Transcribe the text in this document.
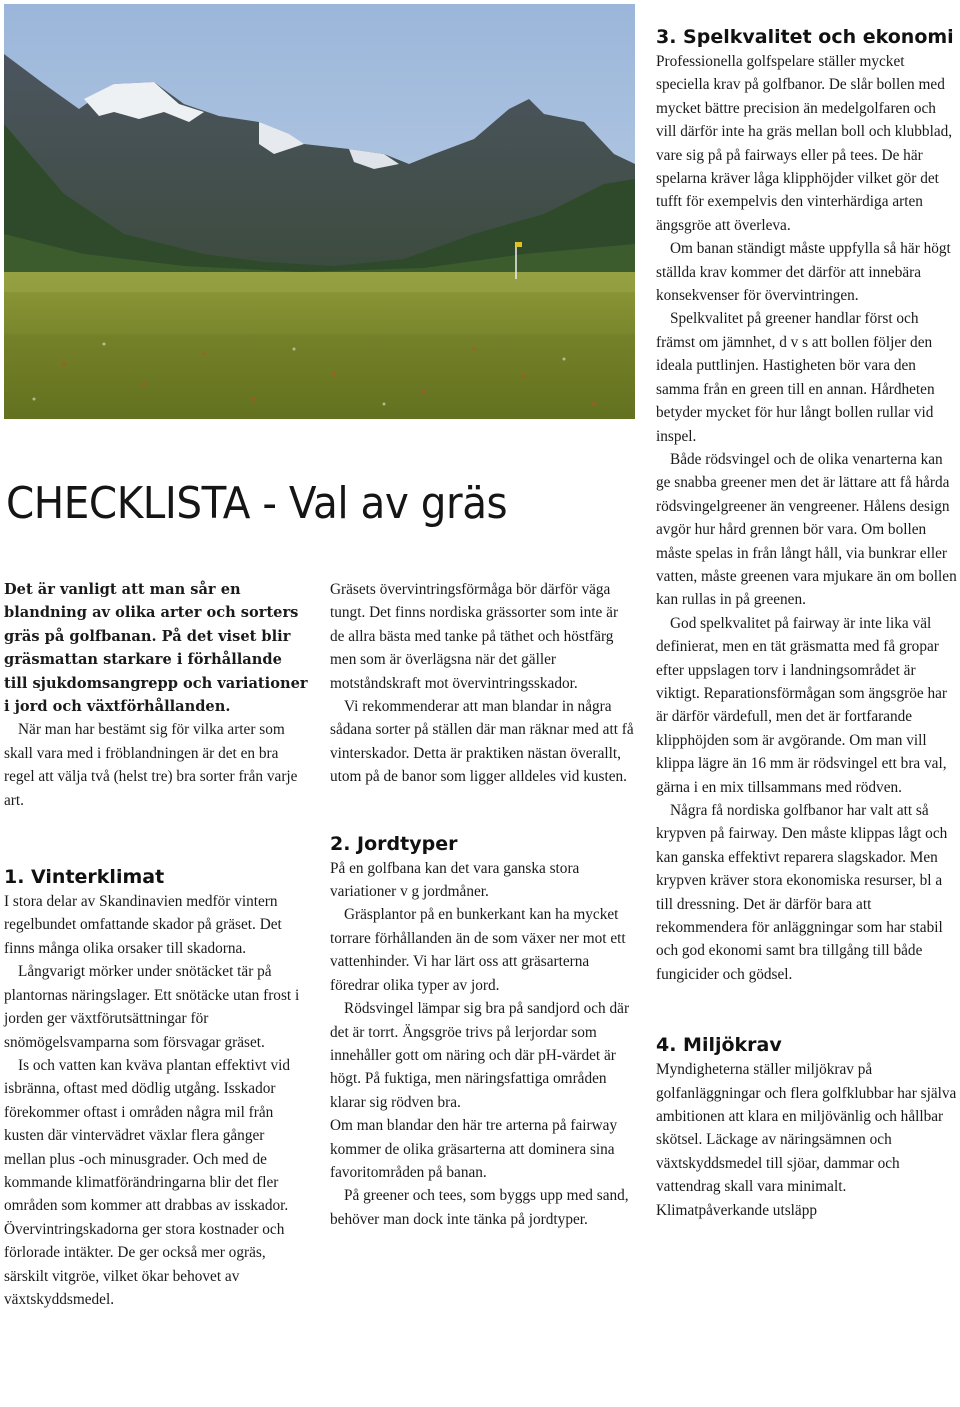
CHECKLISTA - Val av gräs

Det är vanligt att man sår en blandning av olika arter och sorters gräs på golfbanan. På det viset blir gräsmattan starkare i förhållande till sjukdomsangrepp och variationer i jord och växtförhållanden.

När man har bestämt sig för vilka arter som skall vara med i fröblandningen är det en bra regel att välja två (helst tre) bra sorter från varje art.

1. Vinterklimat

I stora delar av Skandinavien medför vintern regelbundet omfattande skador på gräset. Det finns många olika orsaker till skadorna.

Långvarigt mörker under snötäcket tär på plantornas näringslager. Ett snötäcke utan frost i jorden ger växtförutsättningar för snömögelsvamparna som försvagar gräset.

Is och vatten kan kväva plantan effektivt vid isbränna, oftast med dödlig utgång. Isskador förekommer oftast i områden några mil från kusten där vintervädret växlar flera gånger mellan plus -och minusgrader. Och med de kommande klimatförändringarna blir det fler områden som kommer att drabbas av isskador.

Övervintringskadorna ger stora kostnader och förlorade intäkter. De ger också mer ogräs, särskilt vitgröe, vilket ökar behovet av växtskyddsmedel.

Gräsets övervintringsförmåga bör därför väga tungt. Det finns nordiska grässorter som inte är de allra bästa med tanke på täthet och höstfärg men som är överlägsna när det gäller motståndskraft mot övervintringsskador.

Vi rekommenderar att man blandar in några sådana sorter på ställen där man räknar med att få vinterskador. Detta är praktiken nästan överallt, utom på de banor som ligger alldeles vid kusten.

2. Jordtyper

På en golfbana kan det vara ganska stora variationer v g jordmåner.

Gräsplantor på en bunkerkant kan ha mycket torrare förhållanden än de som växer ner mot ett vattenhinder. Vi har lärt oss att gräsarterna föredrar olika typer av jord.

Rödsvingel lämpar sig bra på sandjord och där det är torrt. Ängsgröe trivs på lerjordar som innehåller gott om näring och där pH-värdet är högt. På fuktiga, men näringsfattiga områden klarar sig rödven bra.

Om man blandar den här tre arterna på fairway kommer de olika gräsarterna att dominera sina favoritområden på banan.

På greener och tees, som byggs upp med sand, behöver man dock inte tänka på jordtyper.

3. Spelkvalitet och ekonomi

Professionella golfspelare ställer mycket speciella krav på golfbanor. De slår bollen med mycket bättre precision än medelgolfaren och vill därför inte ha gräs mellan boll och klubblad, vare sig på på fairways eller på tees. De här spelarna kräver låga klipphöjder vilket gör det tufft för exempelvis den vinterhärdiga arten ängsgröe att överleva.

Om banan ständigt måste uppfylla så här högt ställda krav kommer det därför att innebära konsekvenser för övervintringen.

Spelkvalitet på greener handlar först och främst om jämnhet, d v s att bollen följer den ideala puttlinjen. Hastigheten bör vara den samma från en green till en annan. Hårdheten betyder mycket för hur långt bollen rullar vid inspel.

Både rödsvingel och de olika venarterna kan ge snabba greener men det är lättare att få hårda rödsvingelgreener än vengreener. Hålens design avgör hur hård grennen bör vara. Om bollen måste spelas in från långt håll, via bunkrar eller vatten, måste greenen vara mjukare än om bollen kan rullas in på greenen.

God spelkvalitet på fairway är inte lika väl definierat, men en tät gräsmatta med få gropar efter uppslagen torv i landningsområdet är viktigt. Reparationsförmågan som ängsgröe har är därför värdefull, men det är fortfarande klipphöjden som är avgörande. Om man vill klippa lägre än 16 mm är rödsvingel ett bra val, gärna i en mix tillsammans med rödven.

Några få nordiska golfbanor har valt att så krypven på fairway. Den måste klippas lågt och kan ganska effektivt reparera slagskador. Men krypven kräver stora ekonomiska resurser, bl a till dressning. Det är därför bara att rekommendera för anläggningar som har stabil och god ekonomi samt bra tillgång till både fungicider och gödsel.

4. Miljökrav

Myndigheterna ställer miljökrav på golfanläggningar och flera golfklubbar har själva ambitionen att klara en miljövänlig och hållbar skötsel. Läckage av näringsämnen och växtskyddsmedel till sjöar, dammar och vattendrag skall vara minimalt. Klimatpåverkande utsläpp
